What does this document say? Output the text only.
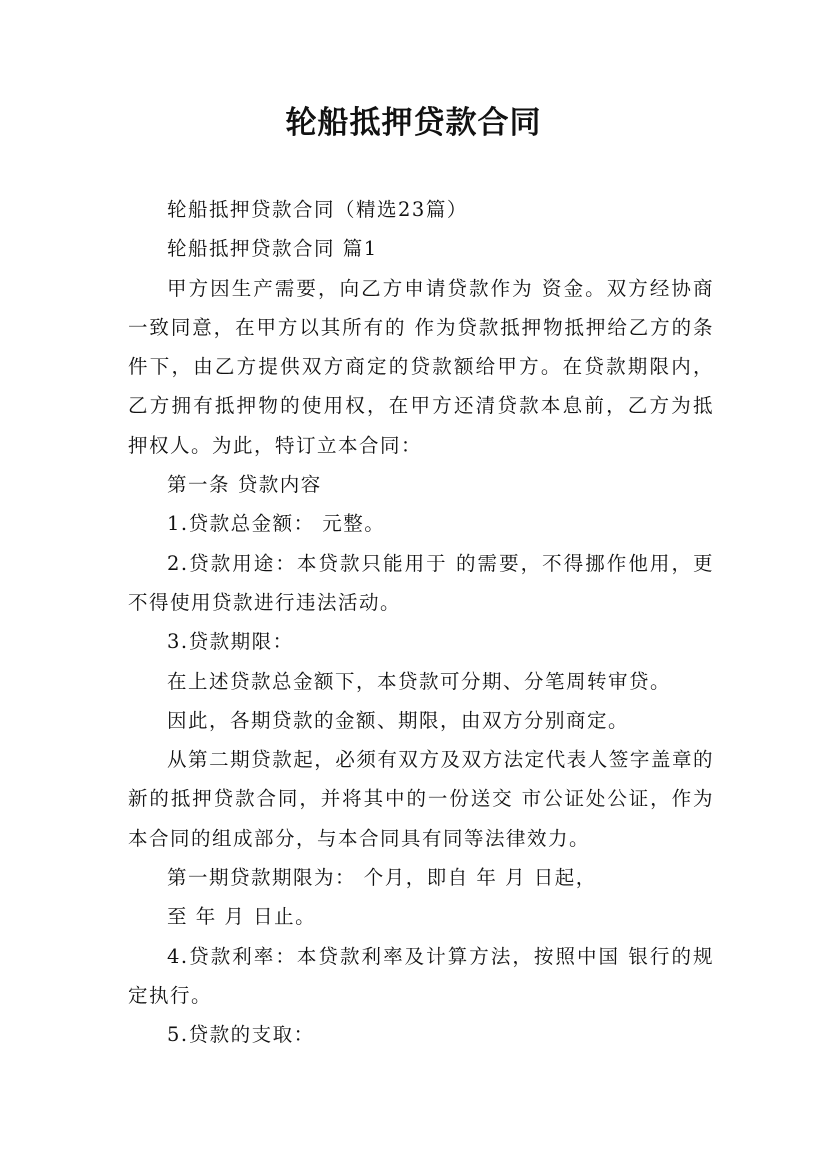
轮船抵押贷款合同

轮船抵押贷款合同（精选23篇）

轮船抵押贷款合同 篇1

甲方因生产需要，向乙方申请贷款作为 资金。双方经协商一致同意，在甲方以其所有的 作为贷款抵押物抵押给乙方的条件下，由乙方提供双方商定的贷款额给甲方。在贷款期限内，乙方拥有抵押物的使用权，在甲方还清贷款本息前，乙方为抵押权人。为此，特订立本合同：

第一条 贷款内容

1.贷款总金额： 元整。

2.贷款用途：本贷款只能用于 的需要，不得挪作他用，更不得使用贷款进行违法活动。

3.贷款期限：

在上述贷款总金额下，本贷款可分期、分笔周转审贷。

因此，各期贷款的金额、期限，由双方分别商定。

从第二期贷款起，必须有双方及双方法定代表人签字盖章的新的抵押贷款合同，并将其中的一份送交 市公证处公证，作为本合同的组成部分，与本合同具有同等法律效力。

第一期贷款期限为： 个月，即自 年 月 日起，

至 年 月 日止。

4.贷款利率：本贷款利率及计算方法，按照中国 银行的规定执行。

5.贷款的支取：
